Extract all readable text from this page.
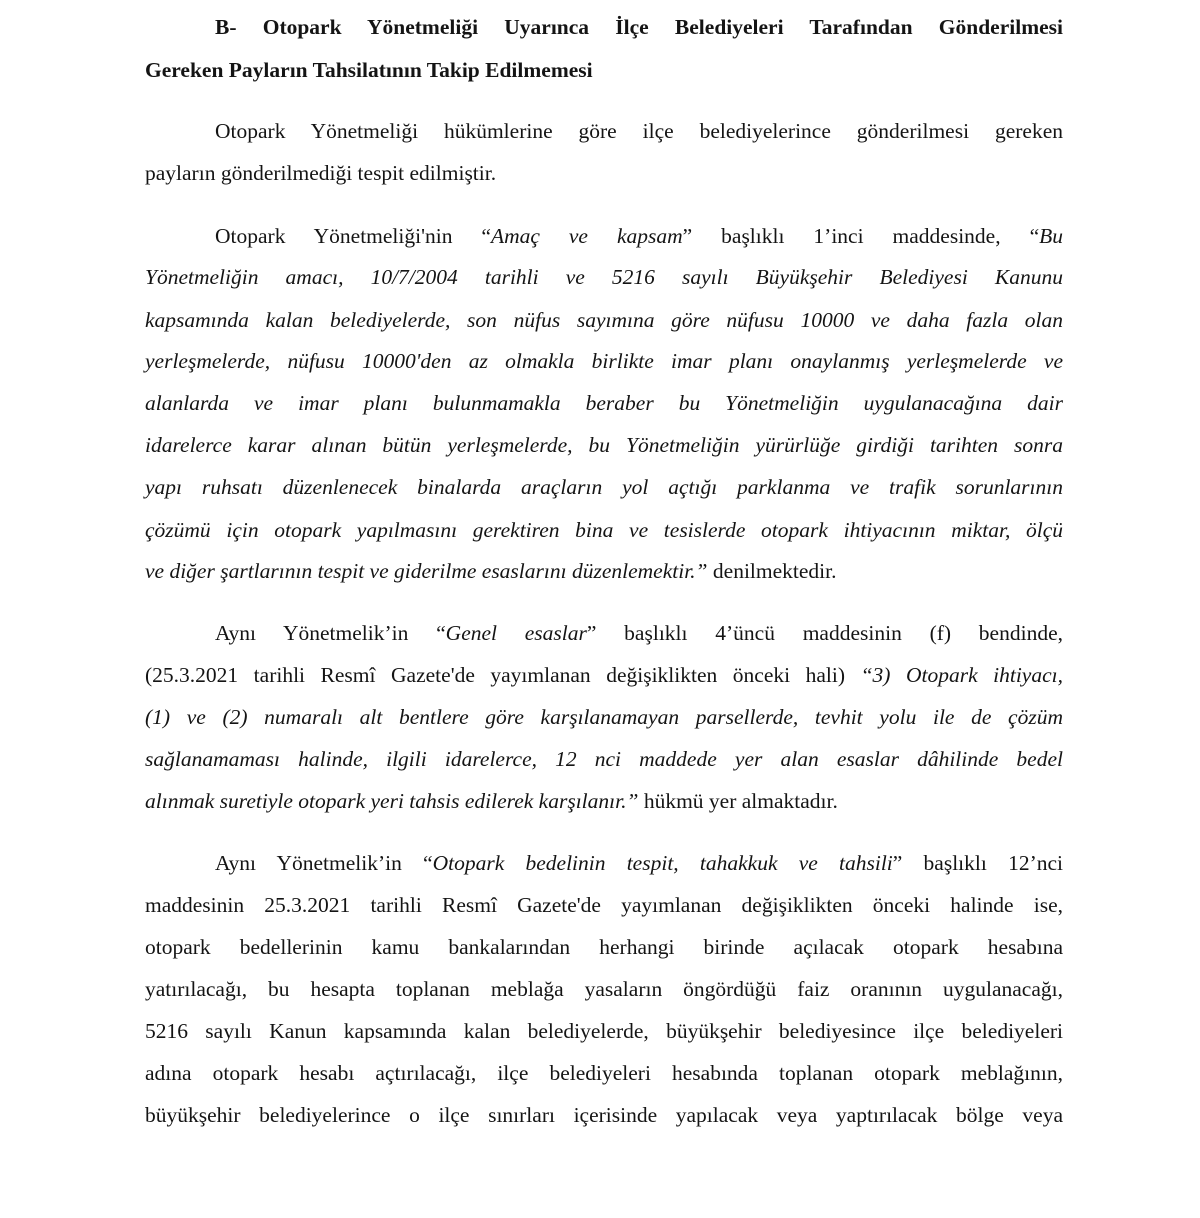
B- Otopark Yönetmeliği Uyarınca İlçe Belediyeleri Tarafından Gönderilmesi
Gereken Payların Tahsilatının Takip Edilmemesi
Otopark Yönetmeliği hükümlerine göre ilçe belediyelerince gönderilmesi gereken
payların gönderilmediği tespit edilmiştir.
Otopark Yönetmeliği'nin “Amaç ve kapsam” başlıklı 1’inci maddesinde, “Bu
Yönetmeliğin amacı, 10/7/2004 tarihli ve 5216 sayılı Büyükşehir Belediyesi Kanunu
kapsamında kalan belediyelerde, son nüfus sayımına göre nüfusu 10000 ve daha fazla olan
yerleşmelerde, nüfusu 10000'den az olmakla birlikte imar planı onaylanmış yerleşmelerde ve
alanlarda ve imar planı bulunmamakla beraber bu Yönetmeliğin uygulanacağına dair
idarelerce karar alınan bütün yerleşmelerde, bu Yönetmeliğin yürürlüğe girdiği tarihten sonra
yapı ruhsatı düzenlenecek binalarda araçların yol açtığı parklanma ve trafik sorunlarının
çözümü için otopark yapılmasını gerektiren bina ve tesislerde otopark ihtiyacının miktar, ölçü
ve diğer şartlarının tespit ve giderilme esaslarını düzenlemektir.” denilmektedir.
Aynı Yönetmelik’in “Genel esaslar” başlıklı 4’üncü maddesinin (f) bendinde,
(25.3.2021 tarihli Resmî Gazete'de yayımlanan değişiklikten önceki hali) “3) Otopark ihtiyacı,
(1) ve (2) numaralı alt bentlere göre karşılanamayan parsellerde, tevhit yolu ile de çözüm
sağlanamaması halinde, ilgili idarelerce, 12 nci maddede yer alan esaslar dâhilinde bedel
alınmak suretiyle otopark yeri tahsis edilerek karşılanır.” hükmü yer almaktadır.
Aynı Yönetmelik’in “Otopark bedelinin tespit, tahakkuk ve tahsili” başlıklı 12’nci
maddesinin 25.3.2021 tarihli Resmî Gazete'de yayımlanan değişiklikten önceki halinde ise,
otopark bedellerinin kamu bankalarından herhangi birinde açılacak otopark hesabına
yatırılacağı, bu hesapta toplanan meblağa yasaların öngördüğü faiz oranının uygulanacağı,
5216 sayılı Kanun kapsamında kalan belediyelerde, büyükşehir belediyesince ilçe belediyeleri
adına otopark hesabı açtırılacağı, ilçe belediyeleri hesabında toplanan otopark meblağının,
büyükşehir belediyelerince o ilçe sınırları içerisinde yapılacak veya yaptırılacak bölge veya
